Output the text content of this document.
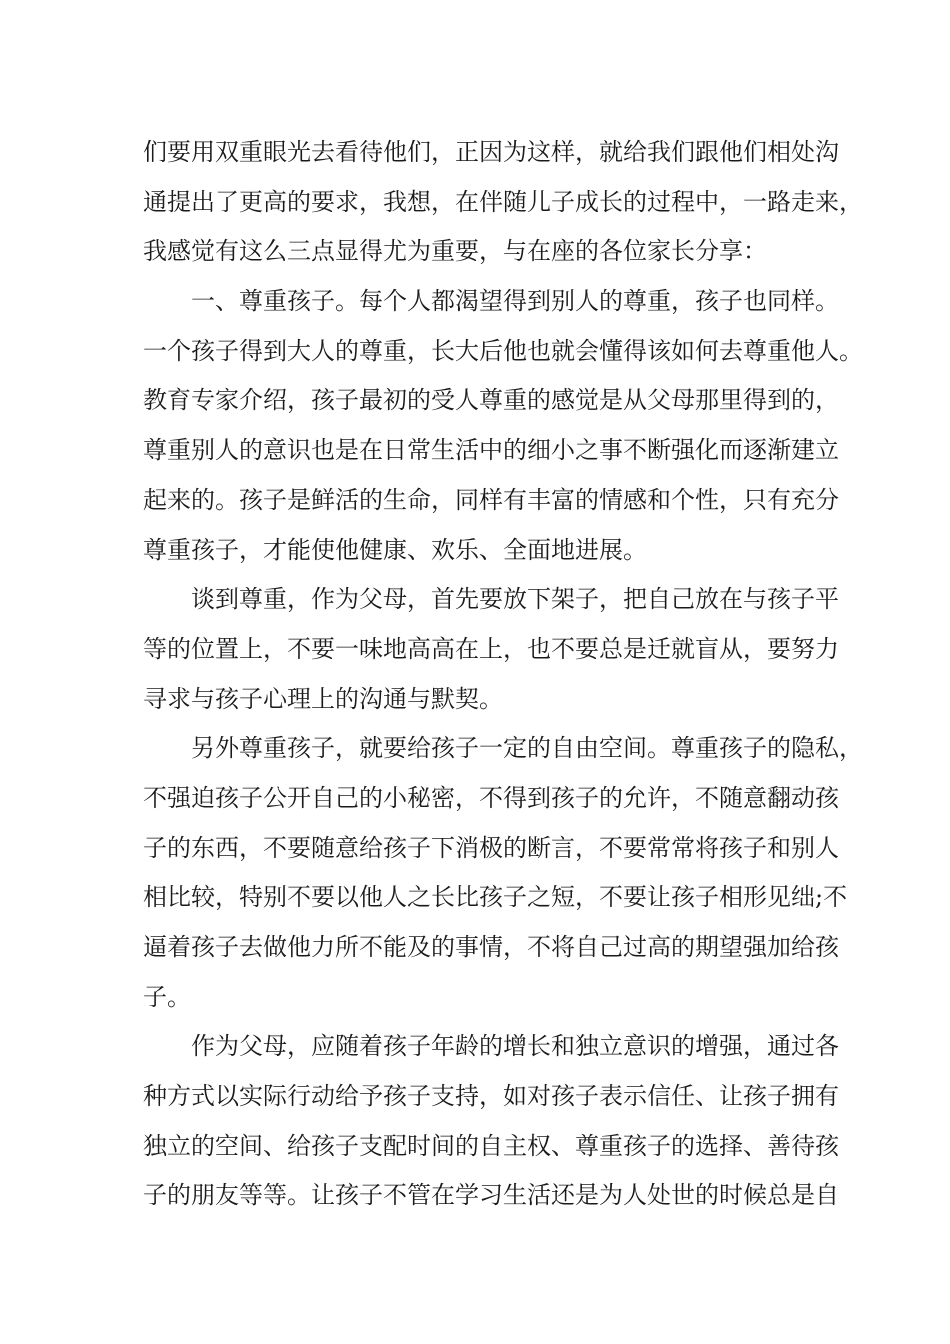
们要用双重眼光去看待他们，正因为这样，就给我们跟他们相处沟
通提出了更高的要求，我想，在伴随儿子成长的过程中，一路走来，
我感觉有这么三点显得尤为重要，与在座的各位家长分享：
一、尊重孩子。每个人都渴望得到别人的尊重，孩子也同样。
一个孩子得到大人的尊重，长大后他也就会懂得该如何去尊重他人。
教育专家介绍，孩子最初的受人尊重的感觉是从父母那里得到的，
尊重别人的意识也是在日常生活中的细小之事不断强化而逐渐建立
起来的。孩子是鲜活的生命，同样有丰富的情感和个性，只有充分
尊重孩子，才能使他健康、欢乐、全面地进展。
谈到尊重，作为父母，首先要放下架子，把自己放在与孩子平
等的位置上，不要一味地高高在上，也不要总是迁就盲从，要努力
寻求与孩子心理上的沟通与默契。
另外尊重孩子，就要给孩子一定的自由空间。尊重孩子的隐私，
不强迫孩子公开自己的小秘密，不得到孩子的允许，不随意翻动孩
子的东西，不要随意给孩子下消极的断言，不要常常将孩子和别人
相比较，特别不要以他人之长比孩子之短，不要让孩子相形见绌;不
逼着孩子去做他力所不能及的事情，不将自己过高的期望强加给孩
子。
作为父母，应随着孩子年龄的增长和独立意识的增强，通过各
种方式以实际行动给予孩子支持，如对孩子表示信任、让孩子拥有
独立的空间、给孩子支配时间的自主权、尊重孩子的选择、善待孩
子的朋友等等。让孩子不管在学习生活还是为人处世的时候总是自
